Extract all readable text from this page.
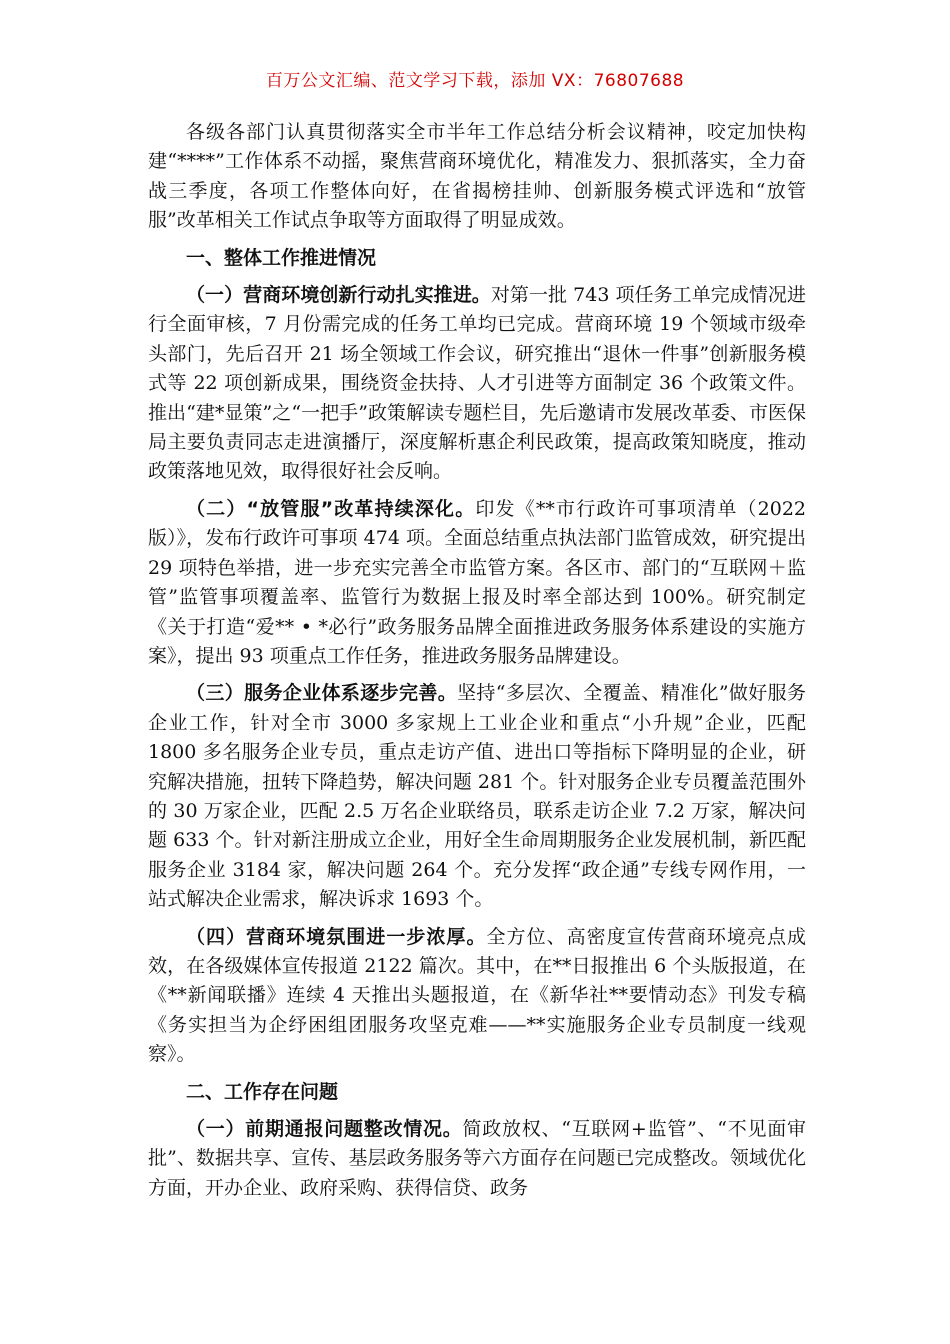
百万公文汇编、范文学习下载，添加 VX：76807688

各级各部门认真贯彻落实全市半年工作总结分析会议精神，咬定加快构建“****”工作体系不动摇，聚焦营商环境优化，精准发力、狠抓落实，全力奋战三季度，各项工作整体向好，在省揭榜挂帅、创新服务模式评选和“放管服”改革相关工作试点争取等方面取得了明显成效。

一、整体工作推进情况

（一）营商环境创新行动扎实推进。对第一批 743 项任务工单完成情况进行全面审核，7 月份需完成的任务工单均已完成。营商环境 19 个领域市级牵头部门，先后召开 21 场全领域工作会议，研究推出“退休一件事”创新服务模式等 22 项创新成果，围绕资金扶持、人才引进等方面制定 36 个政策文件。推出“建*显策”之“一把手”政策解读专题栏目，先后邀请市发展改革委、市医保局主要负责同志走进演播厅，深度解析惠企利民政策，提高政策知晓度，推动政策落地见效，取得很好社会反响。

（二）“放管服”改革持续深化。印发《**市行政许可事项清单（2022 版）》，发布行政许可事项 474 项。全面总结重点执法部门监管成效，研究提出 29 项特色举措，进一步充实完善全市监管方案。各区市、部门的“互联网＋监管”监管事项覆盖率、监管行为数据上报及时率全部达到 100%。研究制定《关于打造“爱** • *必行”政务服务品牌全面推进政务服务体系建设的实施方案》，提出 93 项重点工作任务，推进政务服务品牌建设。

（三）服务企业体系逐步完善。坚持“多层次、全覆盖、精准化”做好服务企业工作，针对全市 3000 多家规上工业企业和重点“小升规”企业，匹配 1800 多名服务企业专员，重点走访产值、进出口等指标下降明显的企业，研究解决措施，扭转下降趋势，解决问题 281 个。针对服务企业专员覆盖范围外的 30 万家企业，匹配 2.5 万名企业联络员，联系走访企业 7.2 万家，解决问题 633 个。针对新注册成立企业，用好全生命周期服务企业发展机制，新匹配服务企业 3184 家，解决问题 264 个。充分发挥“政企通”专线专网作用，一站式解决企业需求，解决诉求 1693 个。

（四）营商环境氛围进一步浓厚。全方位、高密度宣传营商环境亮点成效，在各级媒体宣传报道 2122 篇次。其中，在**日报推出 6 个头版报道，在《**新闻联播》连续 4 天推出头题报道，在《新华社**要情动态》刊发专稿《务实担当为企纾困组团服务攻坚克难——**实施服务企业专员制度一线观察》。

二、工作存在问题

（一）前期通报问题整改情况。简政放权、“互联网+监管”、“不见面审批”、数据共享、宣传、基层政务服务等六方面存在问题已完成整改。领域优化方面，开办企业、政府采购、获得信贷、政务
